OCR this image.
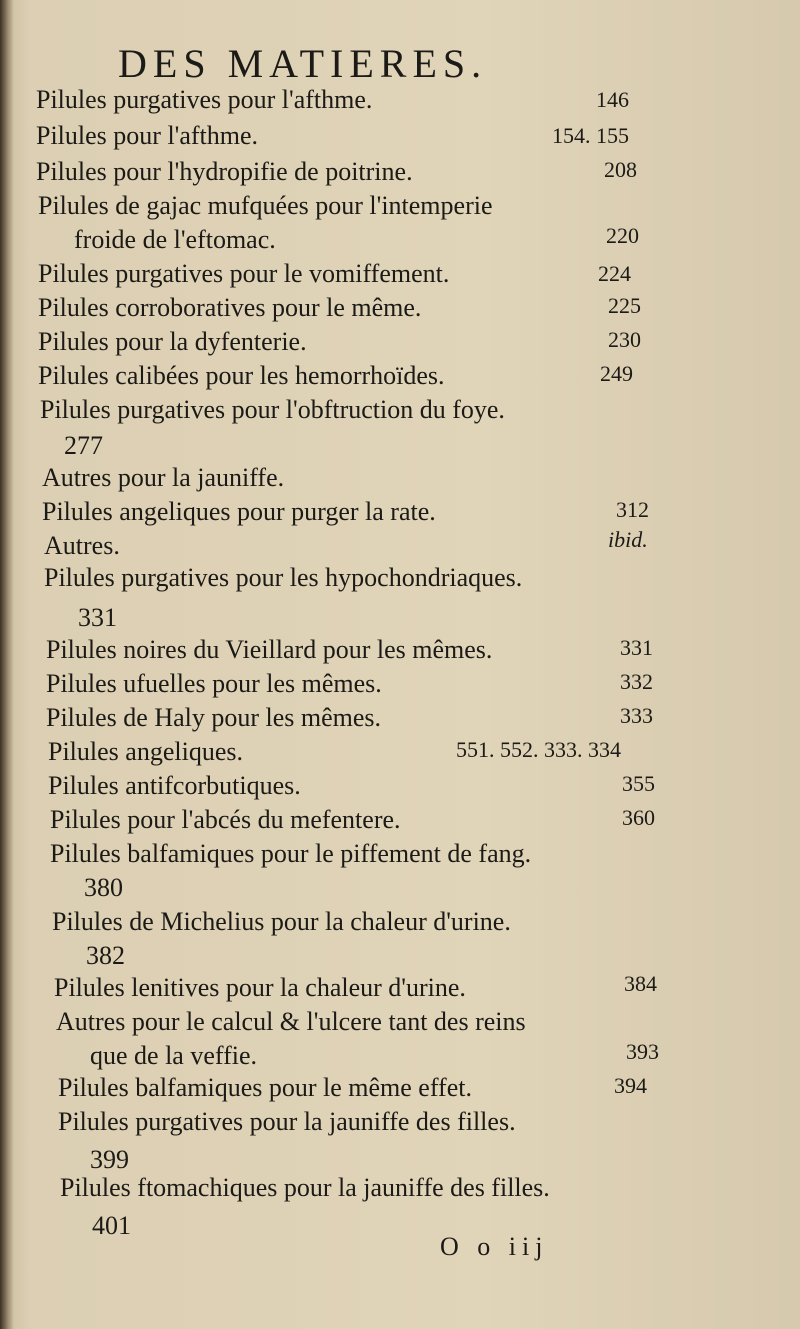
DES MATIERES.
Pilules purgatives pour l'afthme.	146
Pilules pour l'afthme.	154. 155
Pilules pour l'hydropifie de poitrine.	208
Pilules de gajac mufquées pour l'intemperie
froide de l'eftomac.	220
Pilules purgatives pour le vomiffement.	224
Pilules corroboratives pour le même.	225
Pilules pour la dyfenterie.	230
Pilules calibées pour les hemorrhoïdes.	249
Pilules purgatives pour l'obftruction du foye.
277
Autres pour la jauniffe.
Pilules angeliques pour purger la rate.	312
Autres.	ibid.
Pilules purgatives pour les hypochondriaques.
331
Pilules noires du Vieillard pour les mêmes.	331
Pilules ufuelles pour les mêmes.	332
Pilules de Haly pour les mêmes.	333
Pilules angeliques.	551. 552. 333. 334
Pilules antifcorbutiques.	355
Pilules pour l'abcés du mefentere.	360
Pilules balfamiques pour le piffement de fang.
380
Pilules de Michelius pour la chaleur d'urine.
382
Pilules lenitives pour la chaleur d'urine.	384
Autres pour le calcul & l'ulcere tant des reins
que de la veffie.	393
Pilules balfamiques pour le même effet.	394
Pilules purgatives pour la jauniffe des filles.
399
Pilules ftomachiques pour la jauniffe des filles.
401
O o iij
